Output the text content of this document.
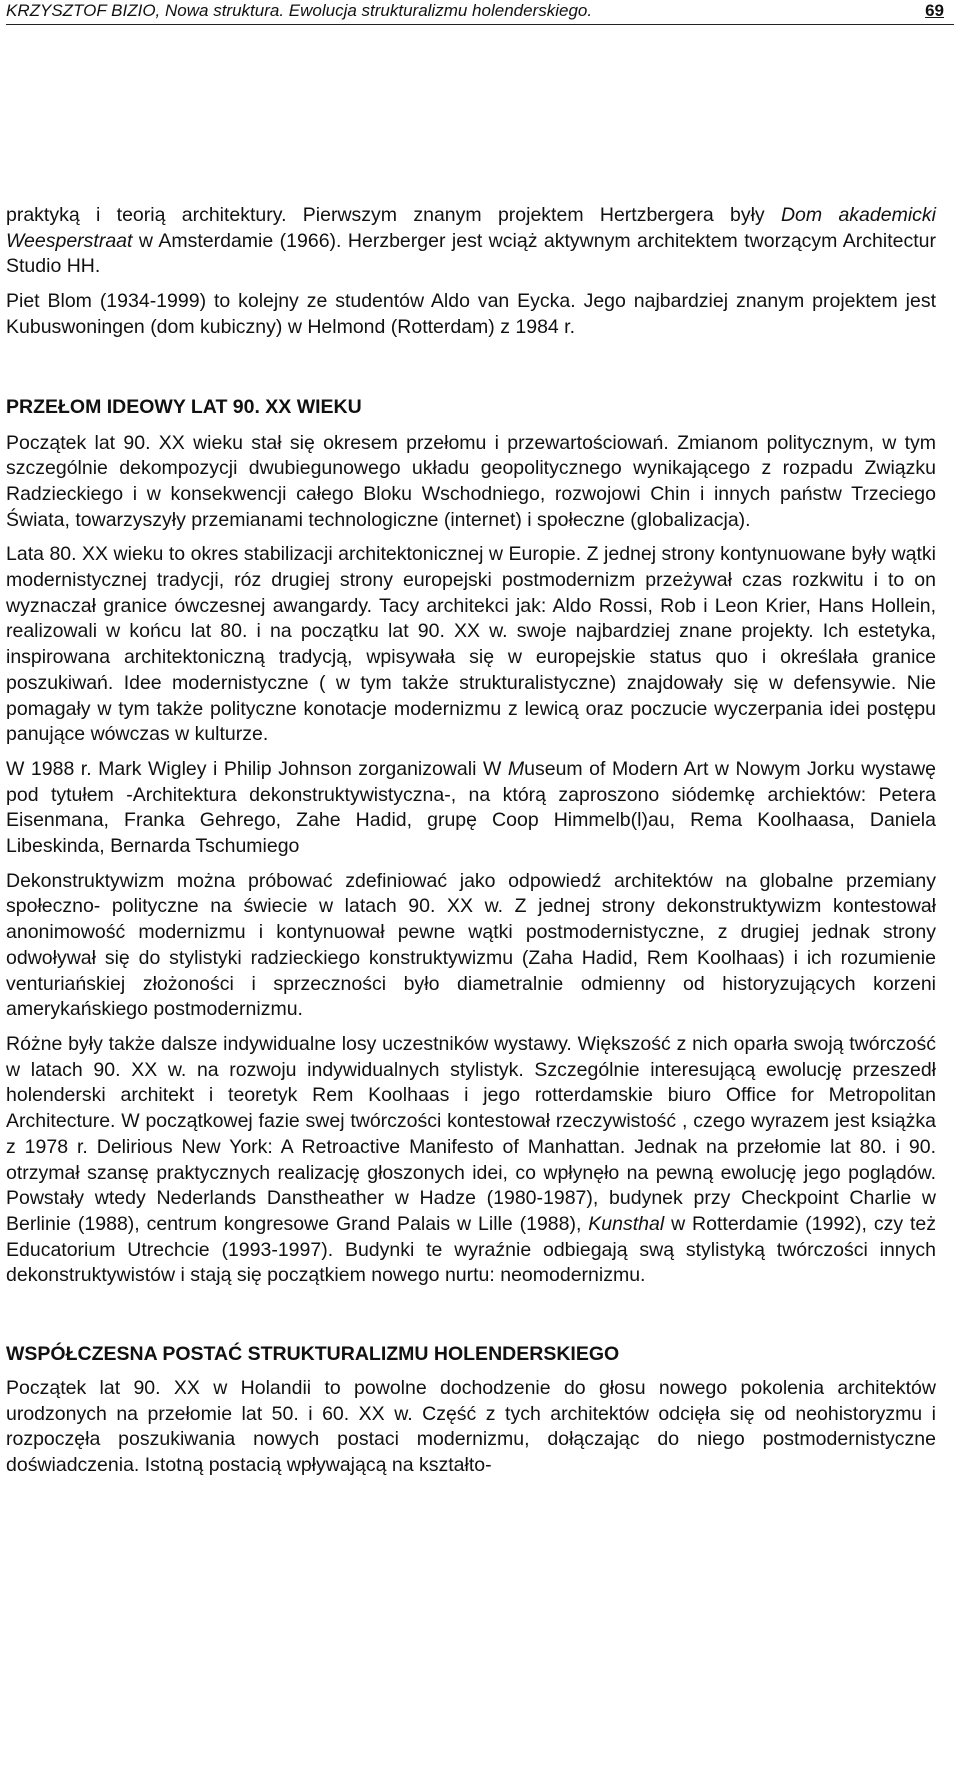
KRZYSZTOF BIZIO, Nowa struktura. Ewolucja strukturalizmu holenderskiego.	69

praktyką i teorią architektury. Pierwszym znanym projektem Hertzbergera były Dom akademicki Weesperstraat w Amsterdamie (1966). Herzberger jest wciąż aktywnym architektem tworzącym Architectur Studio HH.

Piet Blom (1934-1999) to kolejny ze studentów Aldo van Eycka. Jego najbardziej znanym projektem jest Kubuswoningen (dom kubiczny) w Helmond (Rotterdam) z 1984 r.

PRZEŁOM IDEOWY LAT 90. XX WIEKU

Początek lat 90. XX wieku stał się okresem przełomu i przewartościowań. Zmianom politycznym, w tym szczególnie dekompozycji dwubiegunowego układu geopolitycznego wynikającego z rozpadu Związku Radzieckiego i w konsekwencji całego Bloku Wschodniego, rozwojowi Chin i innych państw Trzeciego Świata, towarzyszyły przemianami technologiczne (internet) i społeczne (globalizacja).

Lata 80. XX wieku to okres stabilizacji architektonicznej w Europie. Z jednej strony kontynuowane były wątki modernistycznej tradycji, róz drugiej strony europejski postmodernizm przeżywał czas rozkwitu i to on wyznaczał granice ówczesnej awangardy. Tacy architekci jak: Aldo Rossi, Rob i Leon Krier, Hans Hollein, realizowali w końcu lat 80. i na początku lat 90. XX w. swoje najbardziej znane projekty. Ich estetyka, inspirowana architektoniczną tradycją, wpisywała się w europejskie status quo i określała granice poszukiwań. Idee modernistyczne ( w tym także strukturalistyczne) znajdowały się w defensywie. Nie pomagały w tym także polityczne konotacje modernizmu z lewicą oraz poczucie wyczerpania idei postępu panujące wówczas w kulturze.

W 1988 r. Mark Wigley i Philip Johnson zorganizowali W Museum of Modern Art w Nowym Jorku wystawę pod tytułem -Architektura dekonstruktywistyczna-, na którą zaproszono siódemkę archiektów: Petera Eisenmana, Franka Gehrego, Zahe Hadid, grupę Coop Himmelb(l)au, Rema Koolhaasa, Daniela Libeskinda, Bernarda Tschumiego

Dekonstruktywizm można próbować zdefiniować jako odpowiedź architektów na globalne przemiany społeczno- polityczne na świecie w latach 90. XX w. Z jednej strony dekonstruktywizm kontestował anonimowość modernizmu i kontynuował pewne wątki postmodernistyczne, z drugiej jednak strony odwoływał się do stylistyki radzieckiego konstruktywizmu (Zaha Hadid, Rem Koolhaas) i ich rozumienie venturiańskiej złożoności i sprzeczności było diametralnie odmienny od historyzujących korzeni amerykańskiego postmodernizmu.

Różne były także dalsze indywidualne losy uczestników wystawy. Większość z nich oparła swoją twórczość w latach 90. XX w. na rozwoju indywidualnych stylistyk. Szczególnie interesującą ewolucję przeszedł holenderski architekt i teoretyk Rem Koolhaas i jego rotterdamskie biuro Office for Metropolitan Architecture. W początkowej fazie swej twórczości kontestował rzeczywistość , czego wyrazem jest książka z 1978 r. Delirious New York: A Retroactive Manifesto of Manhattan. Jednak na przełomie lat 80. i 90. otrzymał szansę praktycznych realizację głoszonych idei, co wpłynęło na pewną ewolucję jego poglądów. Powstały wtedy Nederlands Danstheather w Hadze (1980-1987), budynek przy Checkpoint Charlie w Berlinie (1988), centrum kongresowe Grand Palais w Lille (1988), Kunsthal w Rotterdamie (1992), czy też Educatorium Utrechcie (1993-1997). Budynki te wyraźnie odbiegają swą stylistyką twórczości innych dekonstruktywistów i stają się początkiem nowego nurtu: neomodernizmu.

WSPÓŁCZESNA POSTAĆ STRUKTURALIZMU HOLENDERSKIEGO

Początek lat 90. XX w Holandii to powolne dochodzenie do głosu nowego pokolenia architektów urodzonych na przełomie lat 50. i 60. XX w. Część z tych architektów odcięła się od neohistoryzmu i rozpoczęła poszukiwania nowych postaci modernizmu, dołączając do niego postmodernistyczne doświadczenia. Istotną postacią wpływającą na kształto-
